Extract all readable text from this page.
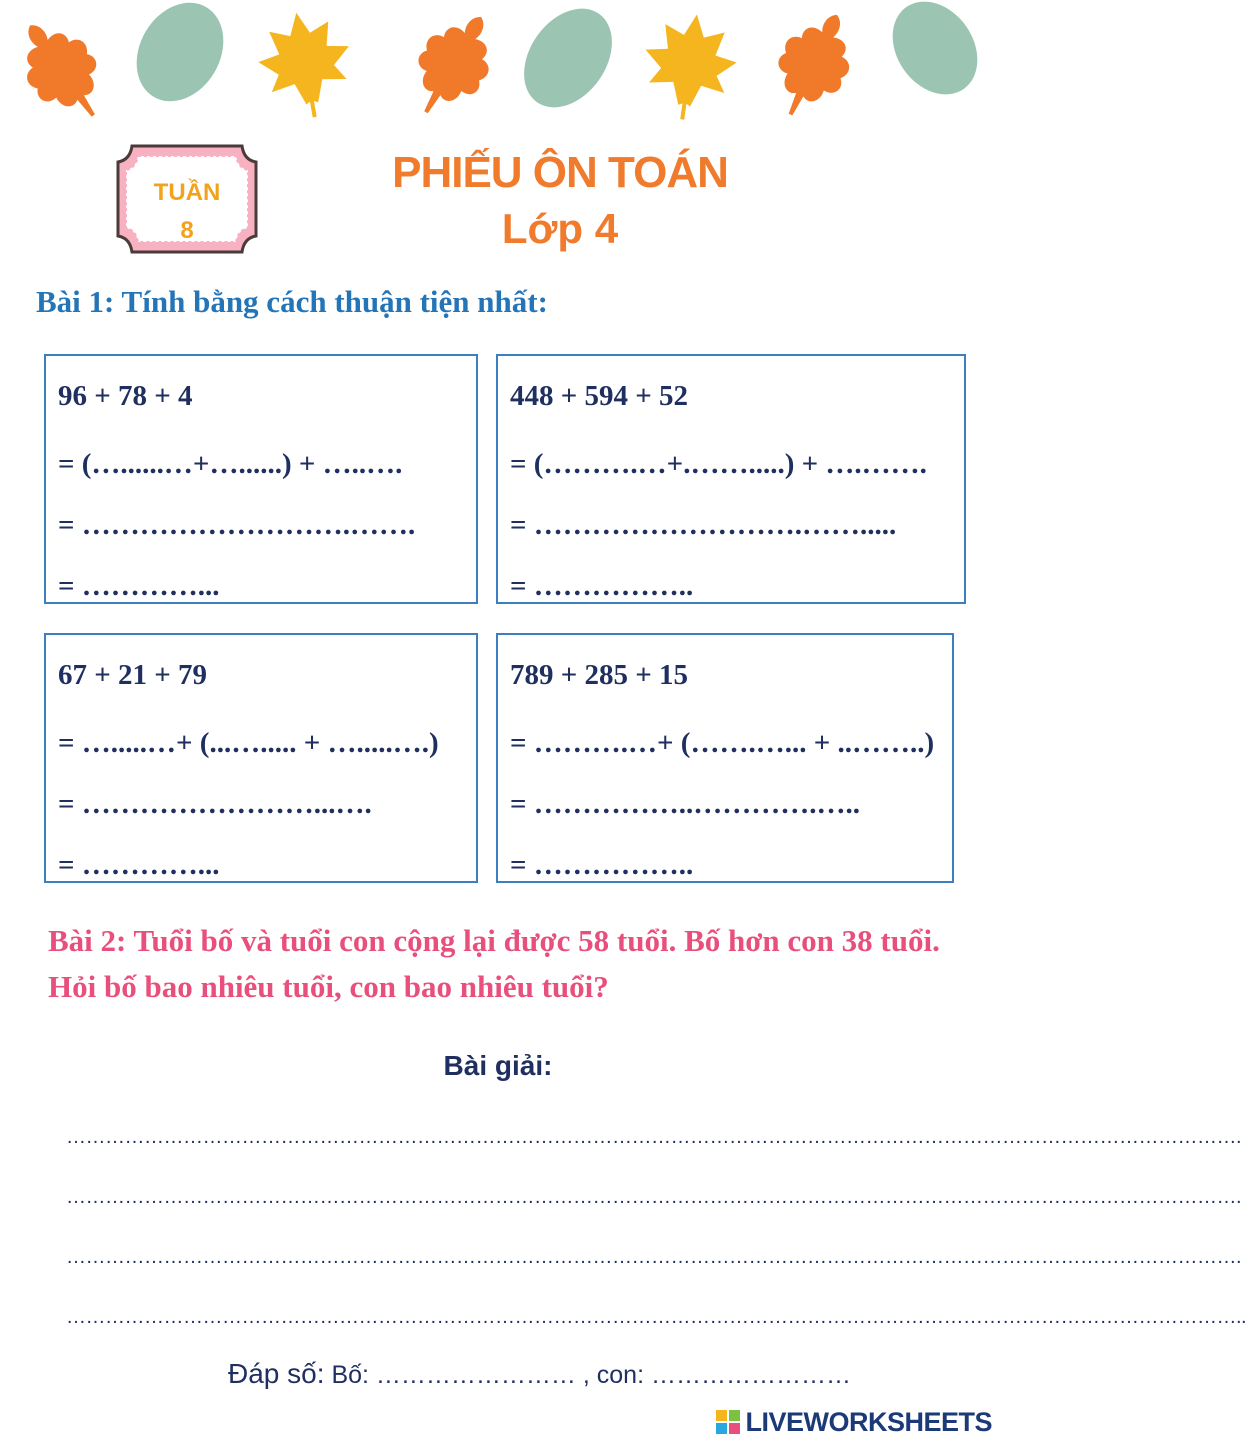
TUẦN
8
PHIẾU ÔN TOÁN
Lớp 4
Bài 1: Tính bằng cách thuận tiện nhất:
96 + 78 + 4
= (…......…+…......) + …..….
= ……………………….…….
= …………...
448 + 594 + 52
= (……….…+.…….....) + ….…….
= ……………………….…….....
= ……………..
67 + 21 + 79
= ….....…+ (...…..... + ….....….)
= ……………………...….
= …………...
789 + 285 + 15
= ……….…+ (…….…... + ..……..)
= ……………..………….…..
= ……………..
Bài 2: Tuổi bố và tuổi con cộng lại được 58 tuổi. Bố hơn con 38 tuổi. Hỏi bố bao nhiêu tuổi, con bao nhiêu tuổi?
Bài giải:
……………………………………………………………………………………………………………………………………………………………….
……………………………………………………………………………………………………………………………………………………………….
……………………………………………………………………………………………………………………………………………………………….
………………………………………………………………………………………………………………………………………………………………..
Đáp số: Bố: …………………… , con: ……………………
LIVEWORKSHEETS
